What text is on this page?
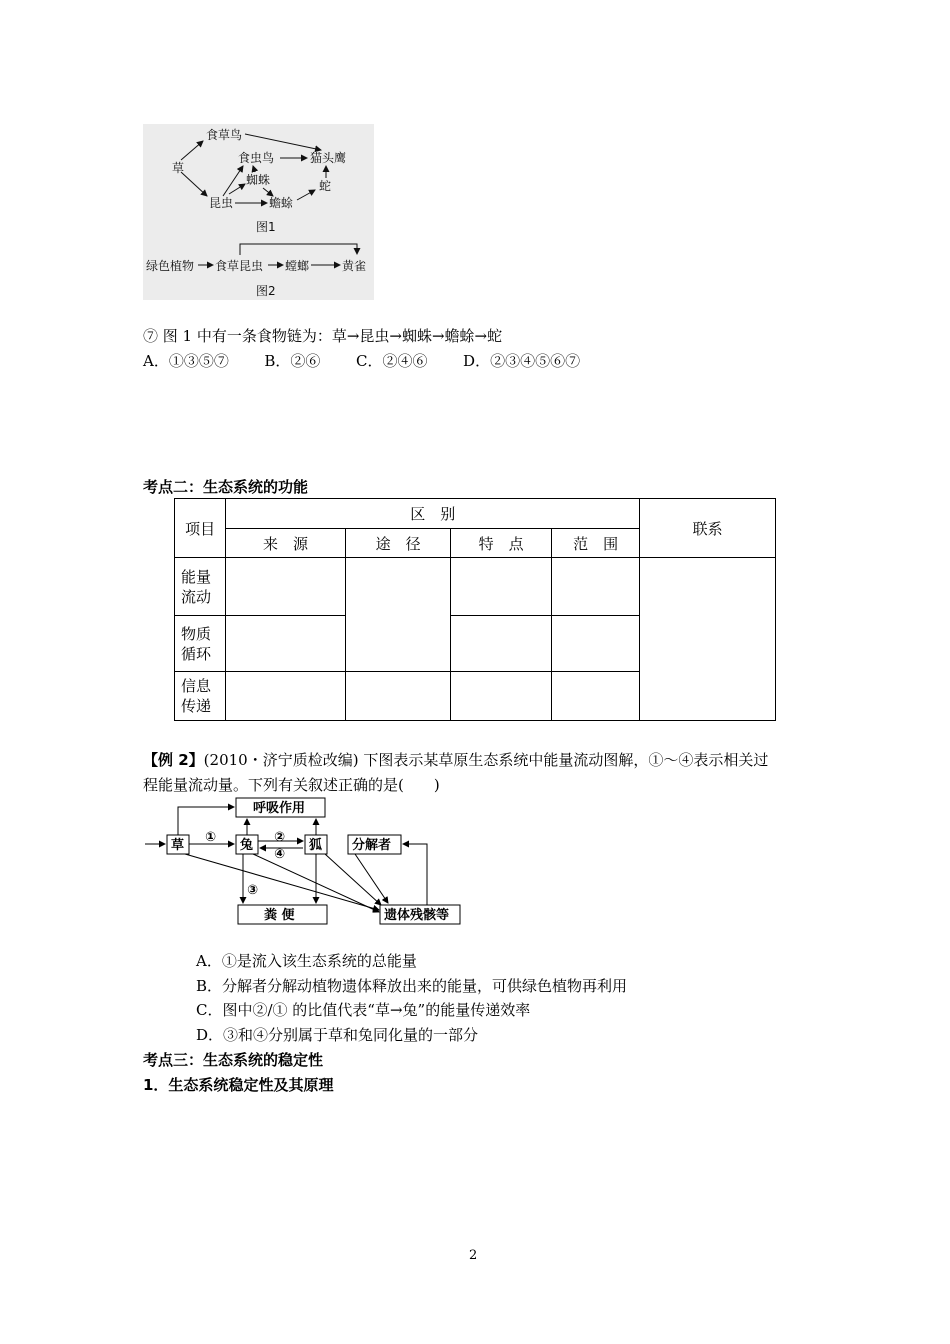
食草鸟
草
食虫鸟	猫头鹰
蜘蛛	蛇
昆虫	蟾蜍
图1
绿色植物 食草昆虫 螳螂	黄雀
图2
⑦ 图 1 中有一条食物链为：草→昆虫→蜘蛛→蟾蜍→蛇
A．①③⑤⑦ B．②⑥ C．②④⑥ D．②③④⑤⑥⑦
考点二：生态系统的功能
项目	区　别				联系
	来　源	途　径	特　点	范　围	
能量
流动					
物质
循环					
信息
传递					
【例 2】(2010・济宁质检改编) 下图表示某草原生态系统中能量流动图解，①～④表示相关过
程能量流动量。下列有关叙述正确的是(　　)
呼吸作用
草	兔	狐 分解者
粪 便	遗体残骸等
①	②
④
③
A．①是流入该生态系统的总能量
B．分解者分解动植物遗体释放出来的能量，可供绿色植物再利用
C．图中②/① 的比值代表“草→兔”的能量传递效率
D．③和④分别属于草和兔同化量的一部分
考点三：生态系统的稳定性
1．生态系统稳定性及其原理
2
